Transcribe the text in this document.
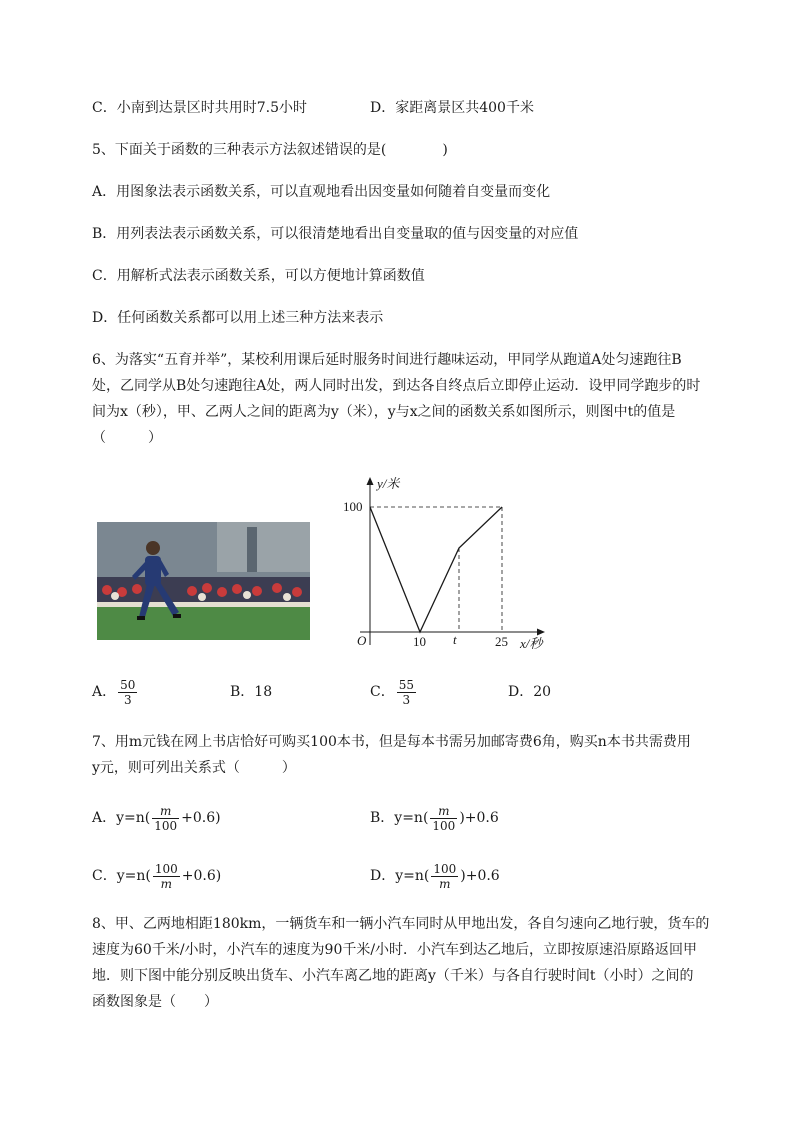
C．小南到达景区时共用时7.5小时	D．家距离景区共400千米
5、下面关于函数的三种表示方法叙述错误的是(　　　　)
A．用图象法表示函数关系，可以直观地看出因变量如何随着自变量而变化
B．用列表法表示函数关系，可以很清楚地看出自变量取的值与因变量的对应值
C．用解析式法表示函数关系，可以方便地计算函数值
D．任何函数关系都可以用上述三种方法来表示
6、为落实“五育并举”，某校利用课后延时服务时间进行趣味运动，甲同学从跑道A处匀速跑往B
处，乙同学从B处匀速跑往A处，两人同时出发，到达各自终点后立即停止运动．设甲同学跑步的时
间为x（秒），甲、乙两人之间的距离为y（米），y与x之间的函数关系如图所示，则图中t的值是
（　　　）
y/米
100
O	10 t	25 x/秒
A． $\frac{50}{3}$	B．18	C． $\frac{55}{3}$	D．20
7、用m元钱在网上书店恰好可购买100本书，但是每本书需另加邮寄费6角，购买n本书共需费用
y元，则可列出关系式（　　　）
A．$y=n( \frac{m}{100} +0.6)$	B．$y=n( \frac{m}{100} )+0.6$
C．$y=n( \frac{100}{m} +0.6)$	D．$y=n( \frac{100}{m} )+0.6$
8、甲、乙两地相距180km，一辆货车和一辆小汽车同时从甲地出发，各自匀速向乙地行驶，货车的
速度为60千米/小时，小汽车的速度为90千米/小时．小汽车到达乙地后，立即按原速沿原路返回甲
地．则下图中能分别反映出货车、小汽车离乙地的距离y（千米）与各自行驶时间t（小时）之间的
函数图象是（　　）
